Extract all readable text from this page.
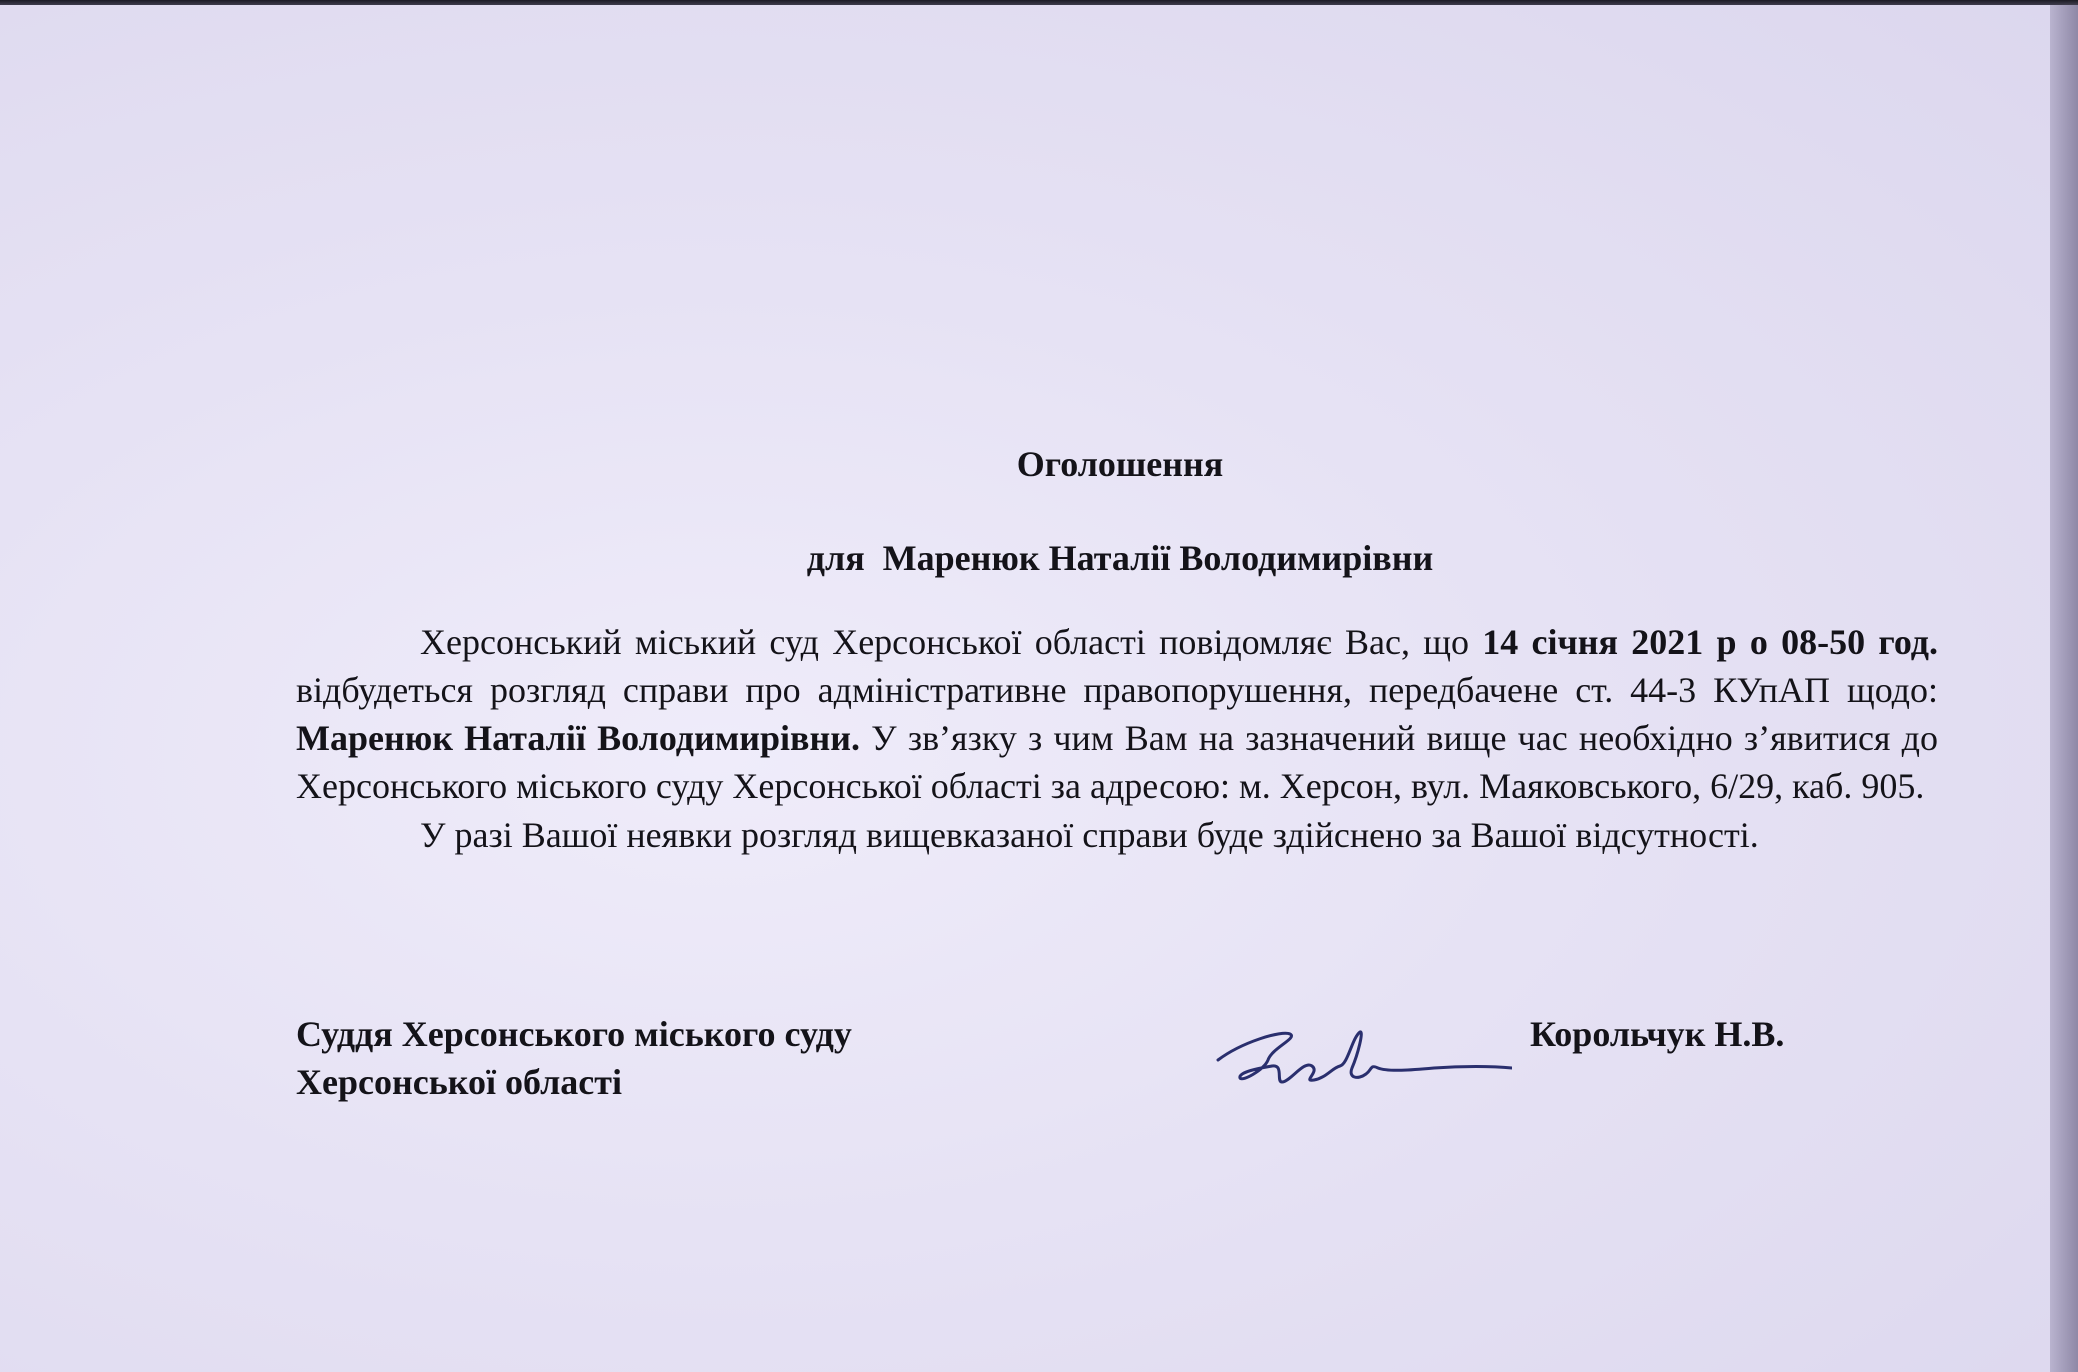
Оголошення
для  Маренюк Наталії Володимирівни

Херсонський міський суд Херсонської області повідомляє Вас, що 14 січня 2021 р о 08-50 год. відбудеться розгляд справи про адміністративне правопорушення, передбачене ст. 44-3 КУпАП щодо: Маренюк Наталії Володимирівни. У зв’язку з чим Вам на зазначений вище час необхідно з’явитися до Херсонського міського суду Херсонської області за адресою: м. Херсон, вул. Маяковського, 6/29, каб. 905.

У разі Вашої неявки розгляд вищевказаної справи буде здійснено за Вашої відсутності.

Суддя Херсонського міського суду
Херсонської області
Корольчук Н.В.
